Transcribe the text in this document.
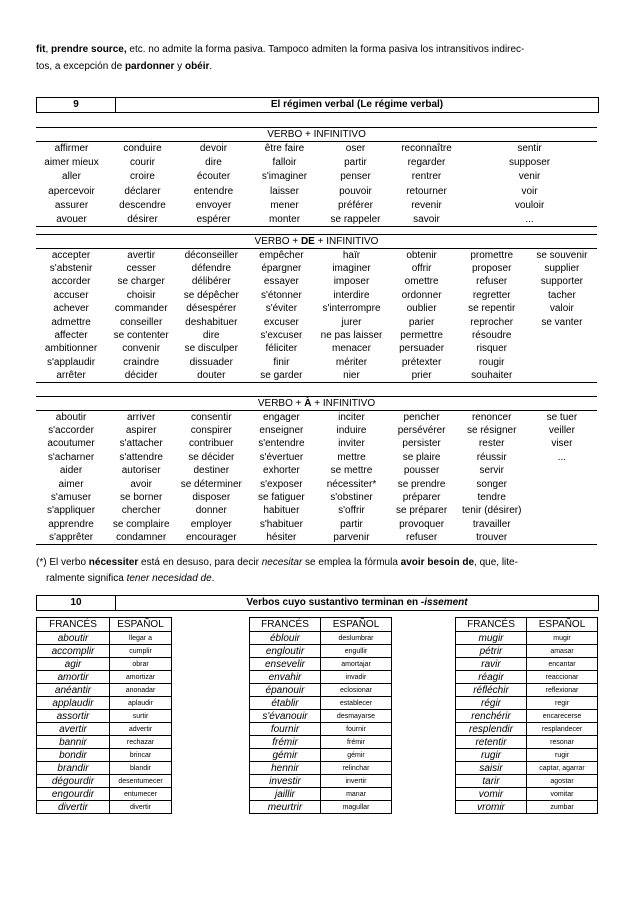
fit, prendre source, etc. no admite la forma pasiva. Tampoco admiten la forma pasiva los intransitivos indirec-
tos, a excepción de pardonner y obéir.
9	El régimen verbal (Le régime verbal)
VERBO + INFINITIVO						
affirmer	conduire	devoir	être faire	oser	reconnaître	sentir
aimer mieux	courir	dire	falloir	partir	regarder	supposer
aller	croire	écouter	s'imaginer	penser	rentrer	venir
apercevoir	déclarer	entendre	laisser	pouvoir	retourner	voir
assurer	descendre	envoyer	mener	préférer	revenir	vouloir
avouer	désirer	espérer	monter	se rappeler	savoir	...
VERBO + DE + INFINITIVO							
accepter	avertir	déconseiller	empêcher	haïr	obtenir	promettre	se souvenir
s'abstenir	cesser	défendre	épargner	imaginer	offrir	proposer	supplier
accorder	se charger	délibérer	essayer	imposer	omettre	refuser	supporter
accuser	choisir	se dépêcher	s'étonner	interdire	ordonner	regretter	tacher
achever	commander	désespérer	s'éviter	s'interrompre	oublier	se repentir	valoir
admettre	conseiller	deshabituer	excuser	jurer	parier	reprocher	se vanter
affecter	se contenter	dire	s'excuser	ne pas laisser	permettre	résoudre	
ambitionner	convenir	se disculper	féliciter	menacer	persuader	risquer	
s'applaudir	craindre	dissuader	finir	mériter	prétexter	rougir	
arrêter	décider	douter	se garder	nier	prier	souhaiter	
VERBO + À + INFINITIVO							
aboutir	arriver	consentir	engager	inciter	pencher	renoncer	se tuer
s'accorder	aspirer	conspirer	enseigner	induire	persévérer	se résigner	veiller
acoutumer	s'attacher	contribuer	s'entendre	inviter	persister	rester	viser
s'acharner	s'attendre	se décider	s'évertuer	mettre	se plaire	réussir	...
aider	autoriser	destiner	exhorter	se mettre	pousser	servir	
aimer	avoir	se déterminer	s'exposer	nécessiter*	se prendre	songer	
s'amuser	se borner	disposer	se fatiguer	s'obstiner	préparer	tendre	
s'appliquer	chercher	donner	habituer	s'offrir	se préparer	tenir (désirer)	
apprendre	se complaire	employer	s'habituer	partir	provoquer	travailler	
s'apprêter	condamner	encourager	hésiter	parvenir	refuser	trouver	
(*) El verbo nécessiter está en desuso, para decir necesitar se emplea la fórmula avoir besoin de, que, lite-
ralmente significa tener necesidad de.
10	Verbos cuyo sustantivo terminan en -issement
FRANCÉS	ESPAÑOL
aboutir	llegar a
accomplir	cumplir
agir	obrar
amortir	amortizar
anéantir	anonadar
applaudir	aplaudir
assortir	surtir
avertir	advertir
bannir	rechazar
bondir	brincar
brandir	blandir
dégourdir	desentumecer
engourdir	entumecer
divertir	divertir
FRANCÉS	ESPAÑOL
éblouir	deslumbrar
engloutir	engullir
ensevelir	amortajar
envahir	invadir
épanouir	eclosionar
établir	establecer
s'évanouir	desmayarse
fournir	fournir
frémir	frémir
gémir	gémir
hennir	relinchar
investir	invertir
jaillir	manar
meurtrir	magullar
FRANCÉS	ESPAÑOL
mugir	mugir
pétrir	amasar
ravir	encantar
réagir	reaccionar
réfléchir	reflexionar
régir	regir
renchérir	encarecerse
resplendir	resplandecer
retentir	resonar
rugir	rugir
saisir	captar, agarrar
tarir	agostar
vomir	vomitar
vromir	zumbar
